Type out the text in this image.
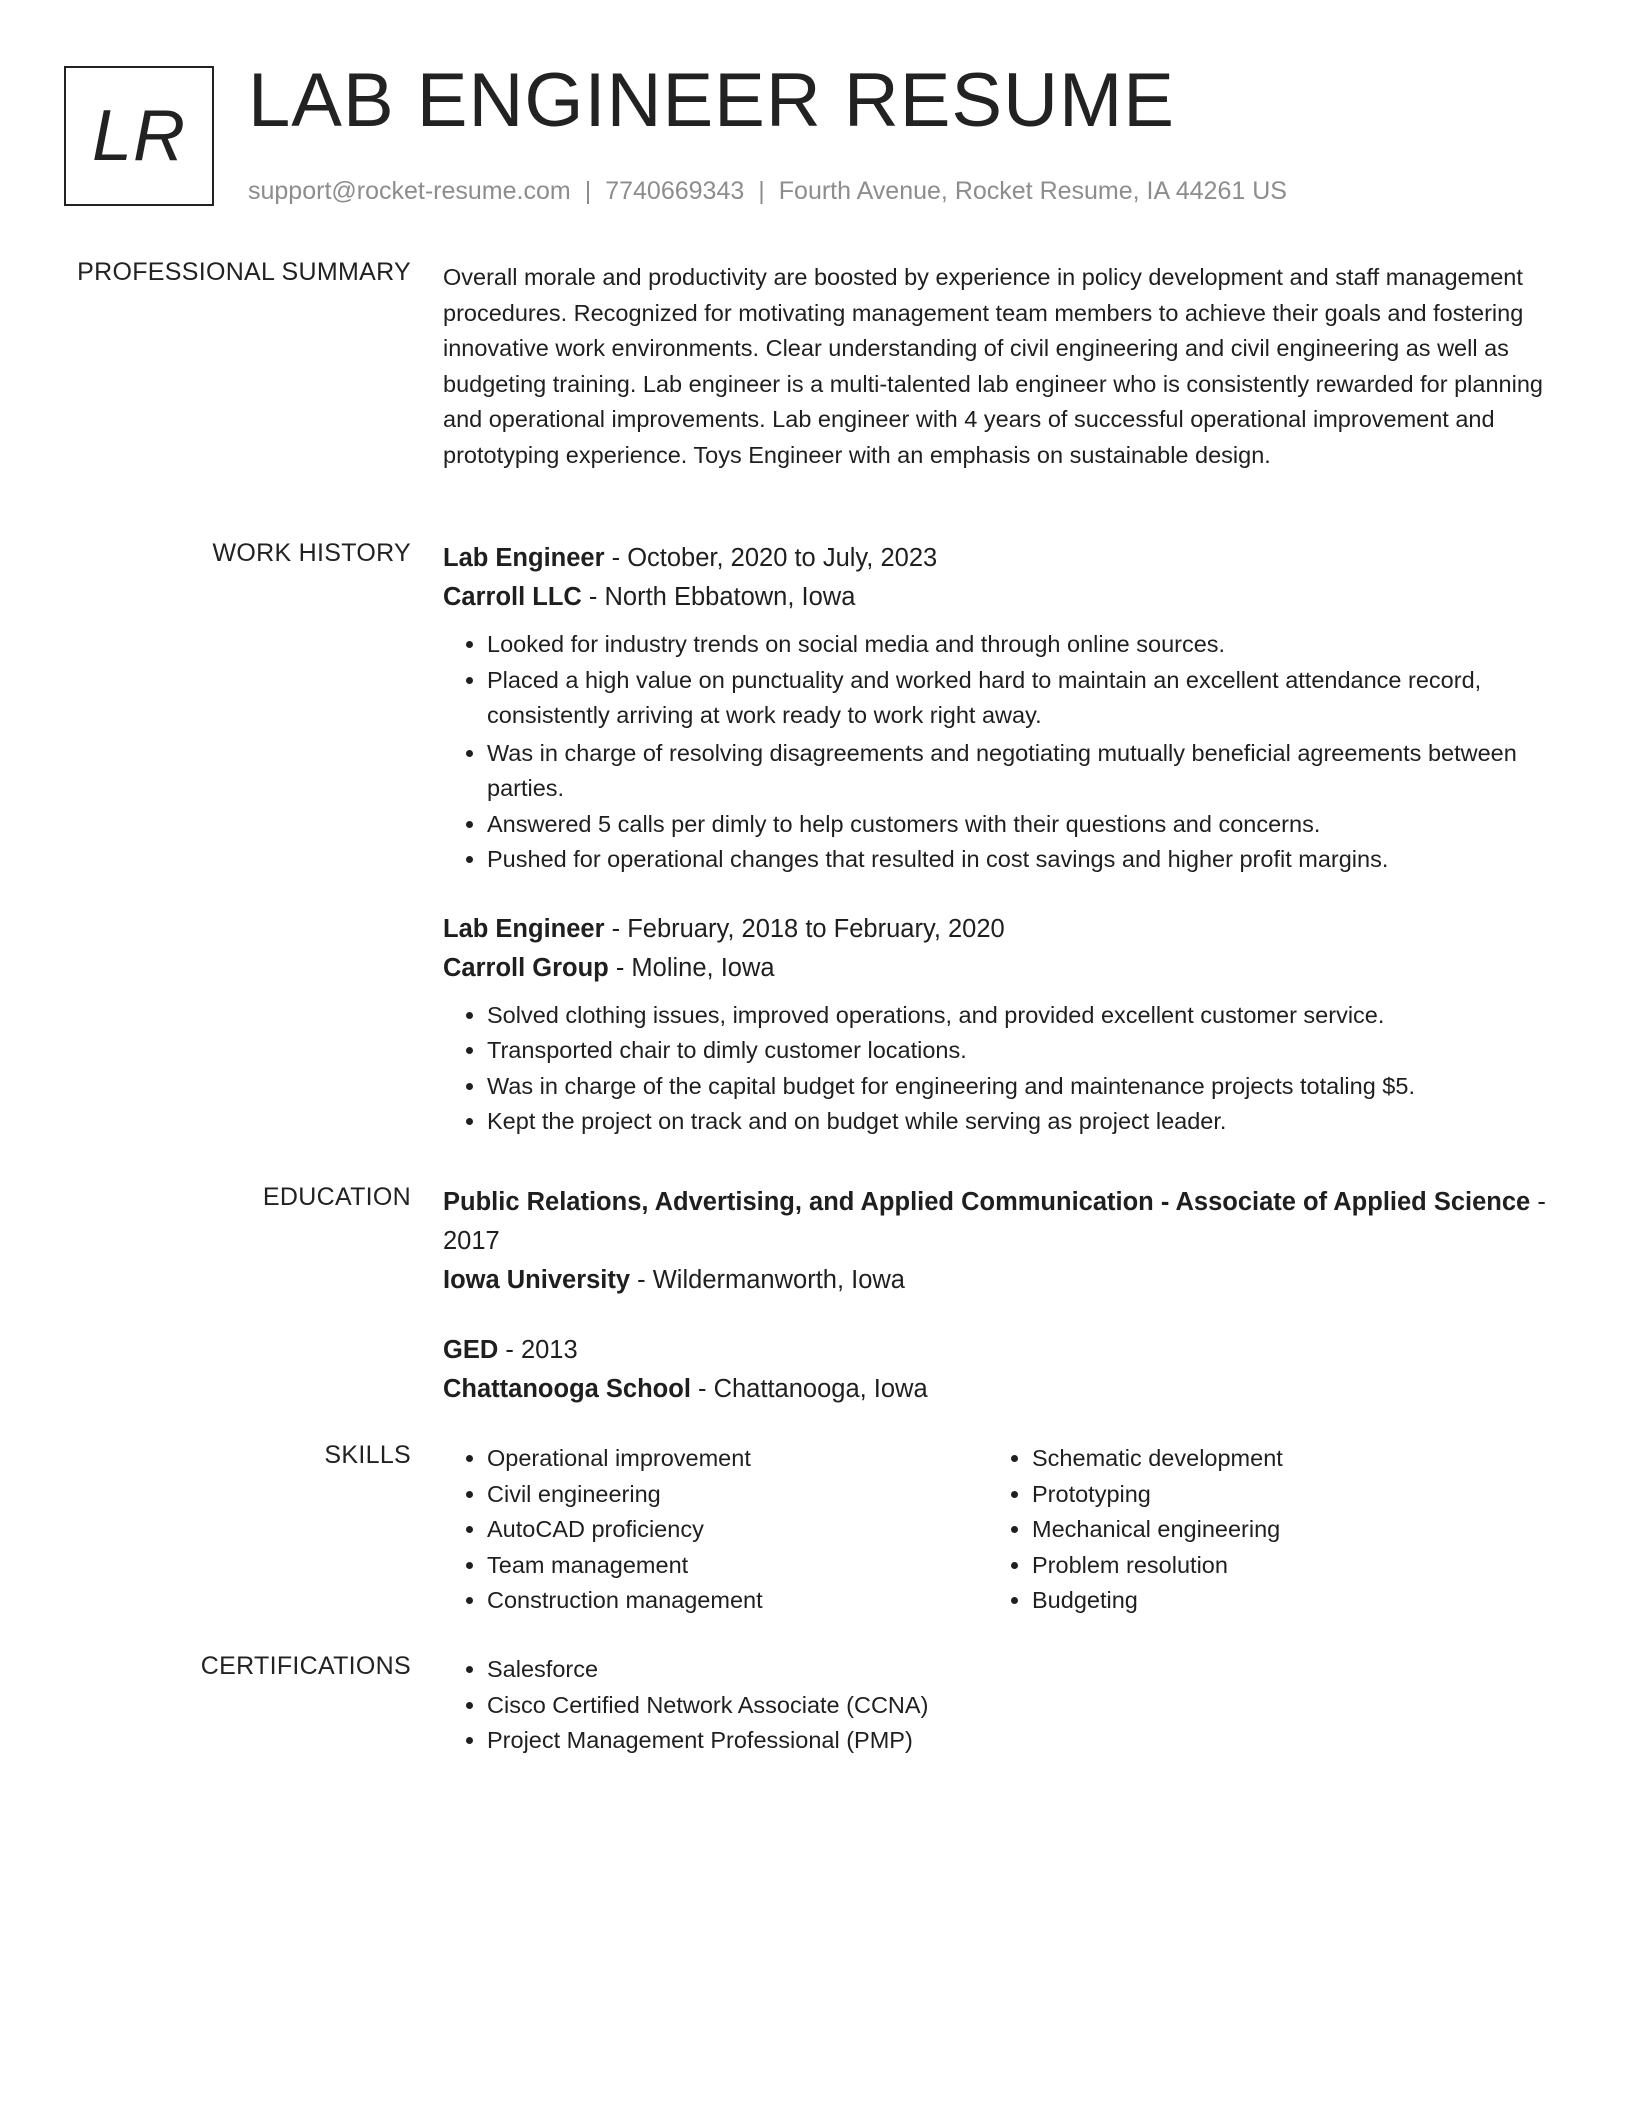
LR LAB ENGINEER RESUME
support@rocket-resume.com | 7740669343 | Fourth Avenue, Rocket Resume, IA 44261 US
PROFESSIONAL SUMMARY Overall morale and productivity are boosted by experience in policy development and staff management procedures. Recognized for motivating management team members to achieve their goals and fostering innovative work environments. Clear understanding of civil engineering and civil engineering as well as budgeting training. Lab engineer is a multi-talented lab engineer who is consistently rewarded for planning and operational improvements. Lab engineer with 4 years of successful operational improvement and prototyping experience. Toys Engineer with an emphasis on sustainable design.

WORK HISTORY Lab Engineer - October, 2020 to July, 2023
Carroll LLC - North Ebbatown, Iowa
• Looked for industry trends on social media and through online sources.
• Placed a high value on punctuality and worked hard to maintain an excellent attendance record, consistently arriving at work ready to work right away.
• Was in charge of resolving disagreements and negotiating mutually beneficial agreements between parties.
• Answered 5 calls per dimly to help customers with their questions and concerns.
• Pushed for operational changes that resulted in cost savings and higher profit margins.
Lab Engineer - February, 2018 to February, 2020
Carroll Group - Moline, Iowa
• Solved clothing issues, improved operations, and provided excellent customer service.
• Transported chair to dimly customer locations.
• Was in charge of the capital budget for engineering and maintenance projects totaling $5.
• Kept the project on track and on budget while serving as project leader.
EDUCATION Public Relations, Advertising, and Applied Communication - Associate of Applied Science - 2017
Iowa University - Wildermanworth, Iowa
GED - 2013
Chattanooga School - Chattanooga, Iowa
SKILLS	• Operational improvement
• Civil engineering
• AutoCAD proficiency
• Team management
• Construction management
• Schematic development
• Prototyping
• Mechanical engineering
• Problem resolution
• Budgeting
CERTIFICATIONS	• Salesforce
• Cisco Certified Network Associate (CCNA)
• Project Management Professional (PMP)
